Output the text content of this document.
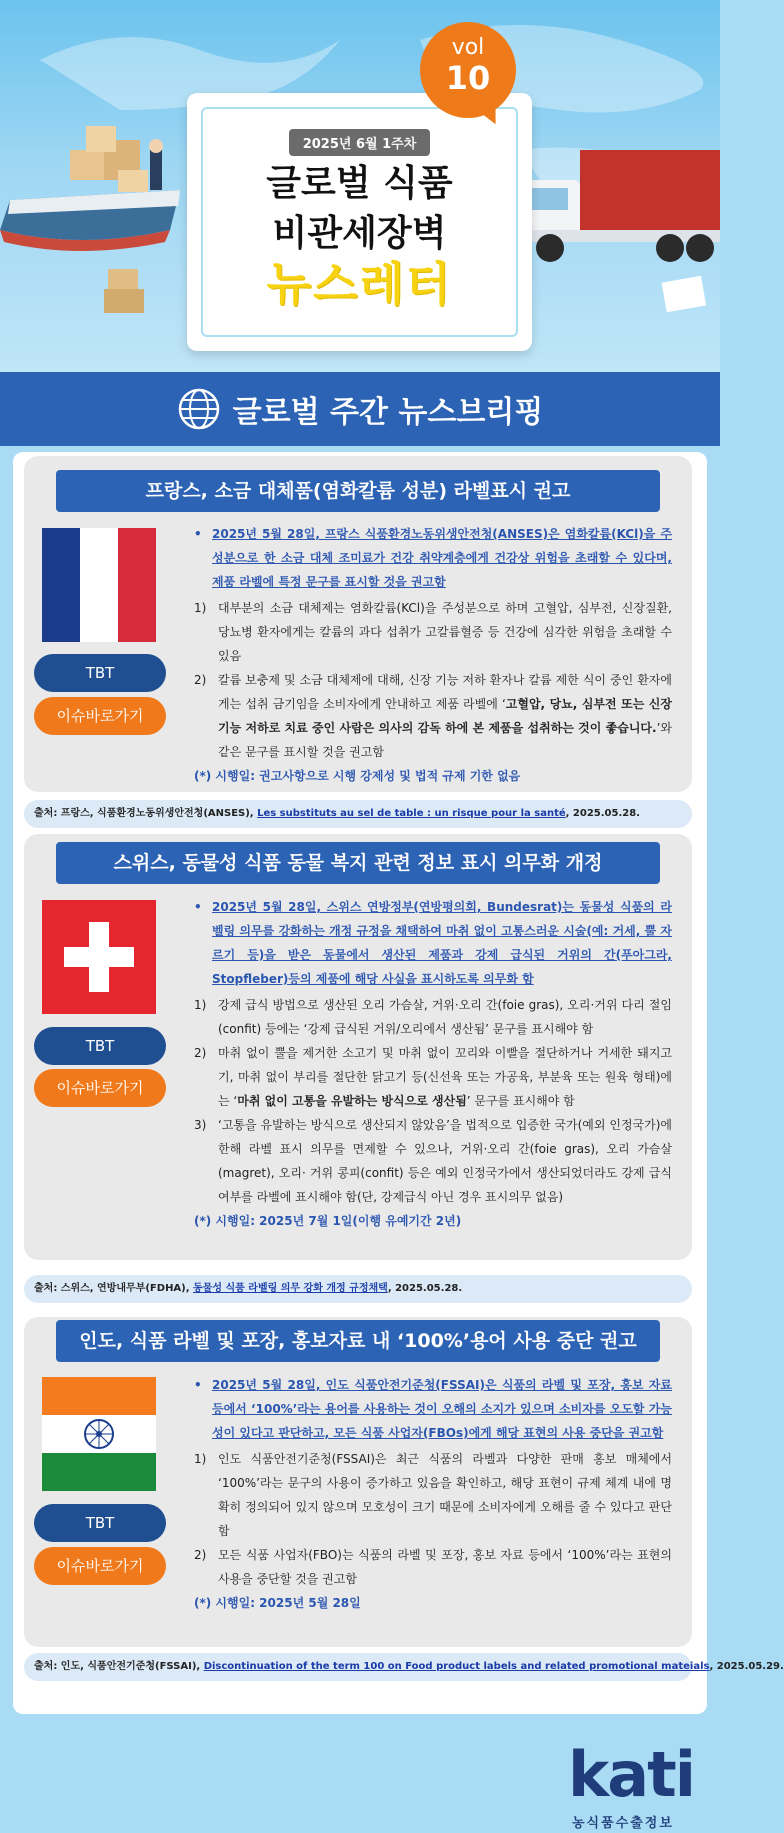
2025년 6월 1주차
글로벌 식품
비관세장벽
뉴스레터
vol
10
글로벌 주간 뉴스브리핑
프랑스, 소금 대체품(염화칼륨 성분) 라벨표시 권고
TBT
이슈바로가기
• 2025년 5월 28일, 프랑스 식품환경노동위생안전청(ANSES)은 염화칼륨(KCl)을 주성분으로 한 소금 대체 조미료가 건강 취약계층에게 건강상 위험을 초래할 수 있다며, 제품 라벨에 특정 문구를 표시할 것을 권고함
1) 대부분의 소금 대체제는 염화칼륨(KCl)을 주성분으로 하며 고혈압, 심부전, 신장질환, 당뇨병 환자에게는 칼륨의 과다 섭취가 고칼륨혈증 등 건강에 심각한 위험을 초래할 수 있음
2) 칼륨 보충제 및 소금 대체제에 대해, 신장 기능 저하 환자나 칼륨 제한 식이 중인 환자에게는 섭취 금기임을 소비자에게 안내하고 제품 라벨에 ‘고혈압, 당뇨, 심부전 또는 신장 기능 저하로 치료 중인 사람은 의사의 감독 하에 본 제품을 섭취하는 것이 좋습니다.’와 같은 문구를 표시할 것을 권고함
(*) 시행일: 권고사항으로 시행 강제성 및 법적 규제 기한 없음
출처: 프랑스, 식품환경노동위생안전청(ANSES), Les substituts au sel de table : un risque pour la santé, 2025.05.28.
스위스, 동물성 식품 동물 복지 관련 정보 표시 의무화 개정
TBT
이슈바로가기
• 2025년 5월 28일, 스위스 연방정부(연방평의회, Bundesrat)는 동물성 식품의 라벨링 의무를 강화하는 개정 규정을 채택하여 마취 없이 고통스러운 시술(예: 거세, 뿔 자르기 등)을 받은 동물에서 생산된 제품과 강제 급식된 거위의 간(푸아그라, Stopfleber)등의 제품에 해당 사실을 표시하도록 의무화 함
1) 강제 급식 방법으로 생산된 오리 가슴살, 거위·오리 간(foie gras), 오리·거위 다리 절임(confit) 등에는 ‘강제 급식된 거위/오리에서 생산됨’ 문구를 표시해야 함
2) 마취 없이 뿔을 제거한 소고기 및 마취 없이 꼬리와 이빨을 절단하거나 거세한 돼지고기, 마취 없이 부리를 절단한 닭고기 등(신선육 또는 가공육, 부분육 또는 원육 형태)에는 ‘마취 없이 고통을 유발하는 방식으로 생산됨’ 문구를 표시해야 함
3) ‘고통을 유발하는 방식으로 생산되지 않았음’을 법적으로 입증한 국가(예외 인정국가)에 한해 라벨 표시 의무를 면제할 수 있으나, 거위·오리 간(foie gras), 오리 가슴살(magret), 오리· 거위 콩피(confit) 등은 예외 인정국가에서 생산되었더라도 강제 급식 여부를 라벨에 표시해야 함(단, 강제급식 아닌 경우 표시의무 없음)
(*) 시행일: 2025년 7월 1일(이행 유예기간 2년)
출처: 스위스, 연방내무부(FDHA), 동물성 식품 라벨링 의무 강화 개정 규정채택, 2025.05.28.
인도, 식품 라벨 및 포장, 홍보자료 내 ‘100%’용어 사용 중단 권고
TBT
이슈바로가기
• 2025년 5월 28일, 인도 식품안전기준청(FSSAI)은 식품의 라벨 및 포장, 홍보 자료 등에서 ‘100%’라는 용어를 사용하는 것이 오해의 소지가 있으며 소비자를 오도할 가능성이 있다고 판단하고, 모든 식품 사업자(FBOs)에게 해당 표현의 사용 중단을 권고함
1) 인도 식품안전기준청(FSSAI)은 최근 식품의 라벨과 다양한 판매 홍보 매체에서 ‘100%’라는 문구의 사용이 증가하고 있음을 확인하고, 해당 표현이 규제 체계 내에 명확히 정의되어 있지 않으며 모호성이 크기 때문에 소비자에게 오해를 줄 수 있다고 판단함
2) 모든 식품 사업자(FBO)는 식품의 라벨 및 포장, 홍보 자료 등에서 ‘100%’라는 표현의 사용을 중단할 것을 권고함
(*) 시행일: 2025년 5월 28일
출처: 인도, 식품안전기준청(FSSAI), Discontinuation of the term 100 on Food product labels and related promotional mateials, 2025.05.29.
kati
농식품수출정보
